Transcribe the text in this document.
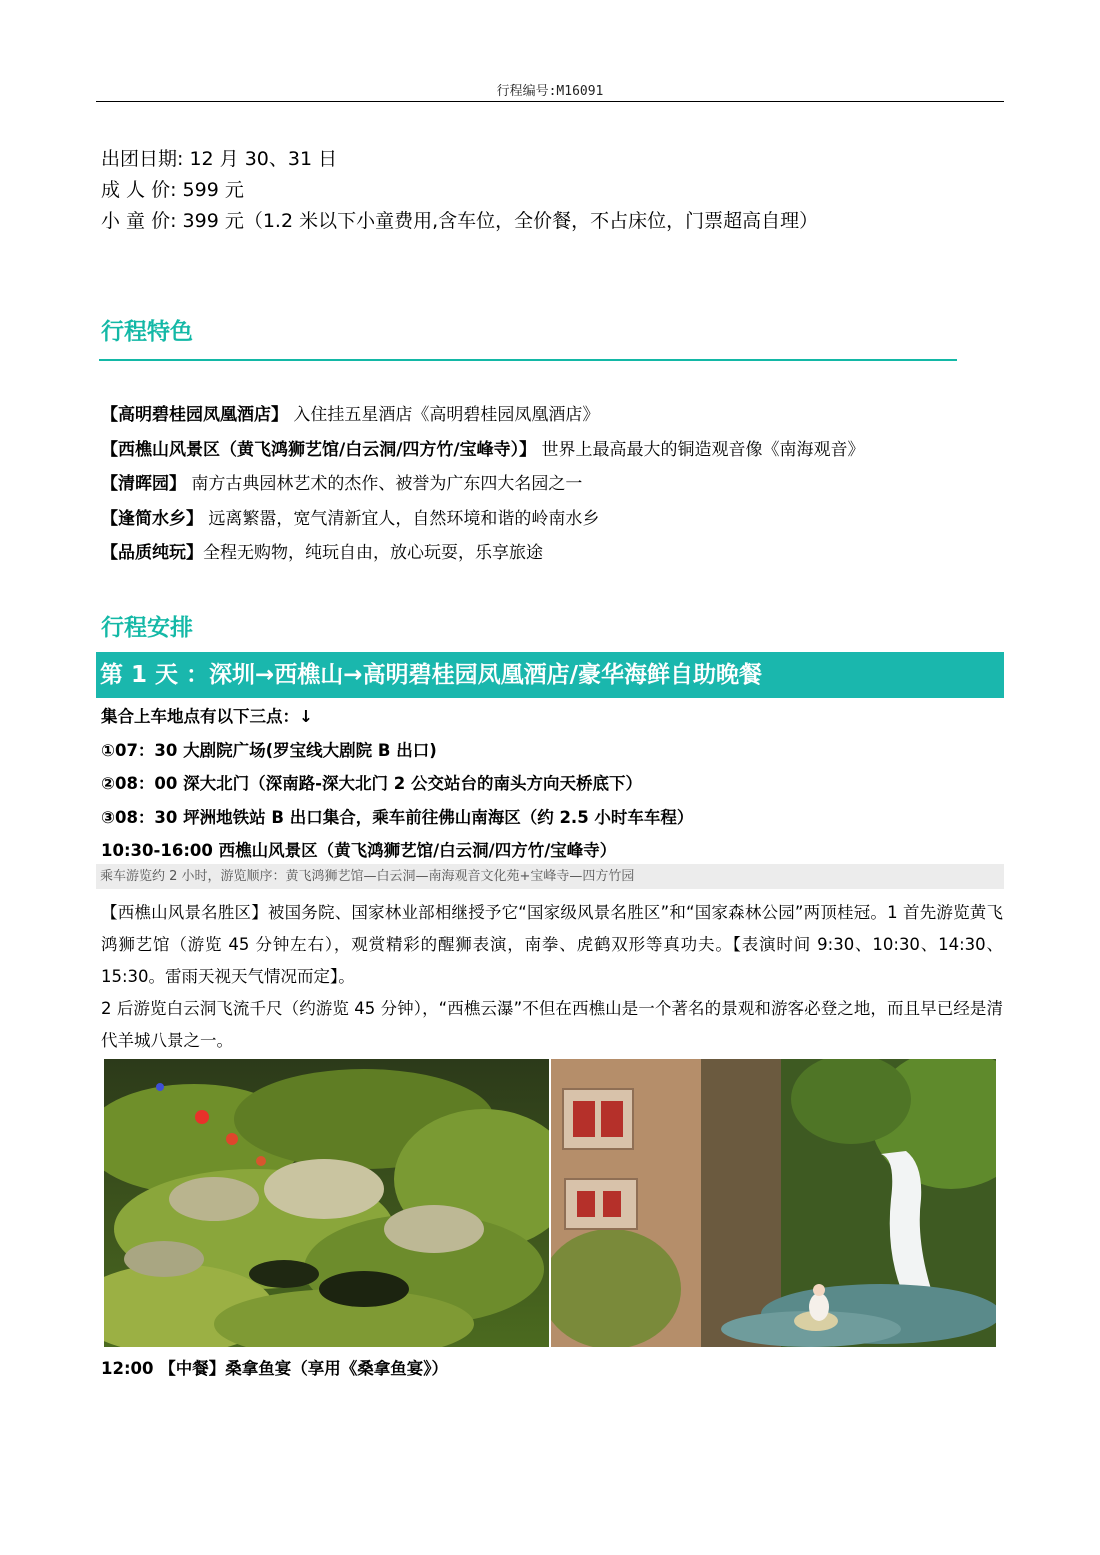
行程编号:M16091
出团日期: 12 月 30、31 日
成 人 价: 599 元
小 童 价: 399 元（1.2 米以下小童费用,含车位，全价餐，不占床位，门票超高自理）
行程特色
【高明碧桂园凤凰酒店】 入住挂五星酒店《高明碧桂园凤凰酒店》
【西樵山风景区（黄飞鸿狮艺馆/白云洞/四方竹/宝峰寺）】 世界上最高最大的铜造观音像《南海观音》
【清晖园】 南方古典园林艺术的杰作、被誉为广东四大名园之一
【逢简水乡】 远离繁嚣，宽气清新宜人，自然环境和谐的岭南水乡
【品质纯玩】全程无购物，纯玩自由，放心玩耍，乐享旅途
行程安排
第 1 天 ：深圳→西樵山→高明碧桂园凤凰酒店/豪华海鲜自助晚餐
集合上车地点有以下三点：↓
①07：30 大剧院广场(罗宝线大剧院 B 出口)
②08：00 深大北门（深南路-深大北门 2 公交站台的南头方向天桥底下）
③08：30 坪洲地铁站 B 出口集合，乘车前往佛山南海区（约 2.5 小时车车程）
10:30-16:00 西樵山风景区（黄飞鸿狮艺馆/白云洞/四方竹/宝峰寺）
乘车游览约 2 小时，游览顺序：黄飞鸿狮艺馆—白云洞—南海观音文化苑+宝峰寺—四方竹园

【西樵山风景名胜区】被国务院、国家林业部相继授予它“国家级风景名胜区”和“国家森林公园”两顶桂冠。1 首先游览黄飞鸿狮艺馆（游览 45 分钟左右），观赏精彩的醒狮表演，南拳、虎鹤双形等真功夫。【表演时间 9:30、10:30、14:30、15:30。雷雨天视天气情况而定】。

2 后游览白云洞飞流千尺（约游览 45 分钟），“西樵云瀑”不但在西樵山是一个著名的景观和游客必登之地，而且早已经是清代羊城八景之一。

12:00 【中餐】桑拿鱼宴（享用《桑拿鱼宴》）
